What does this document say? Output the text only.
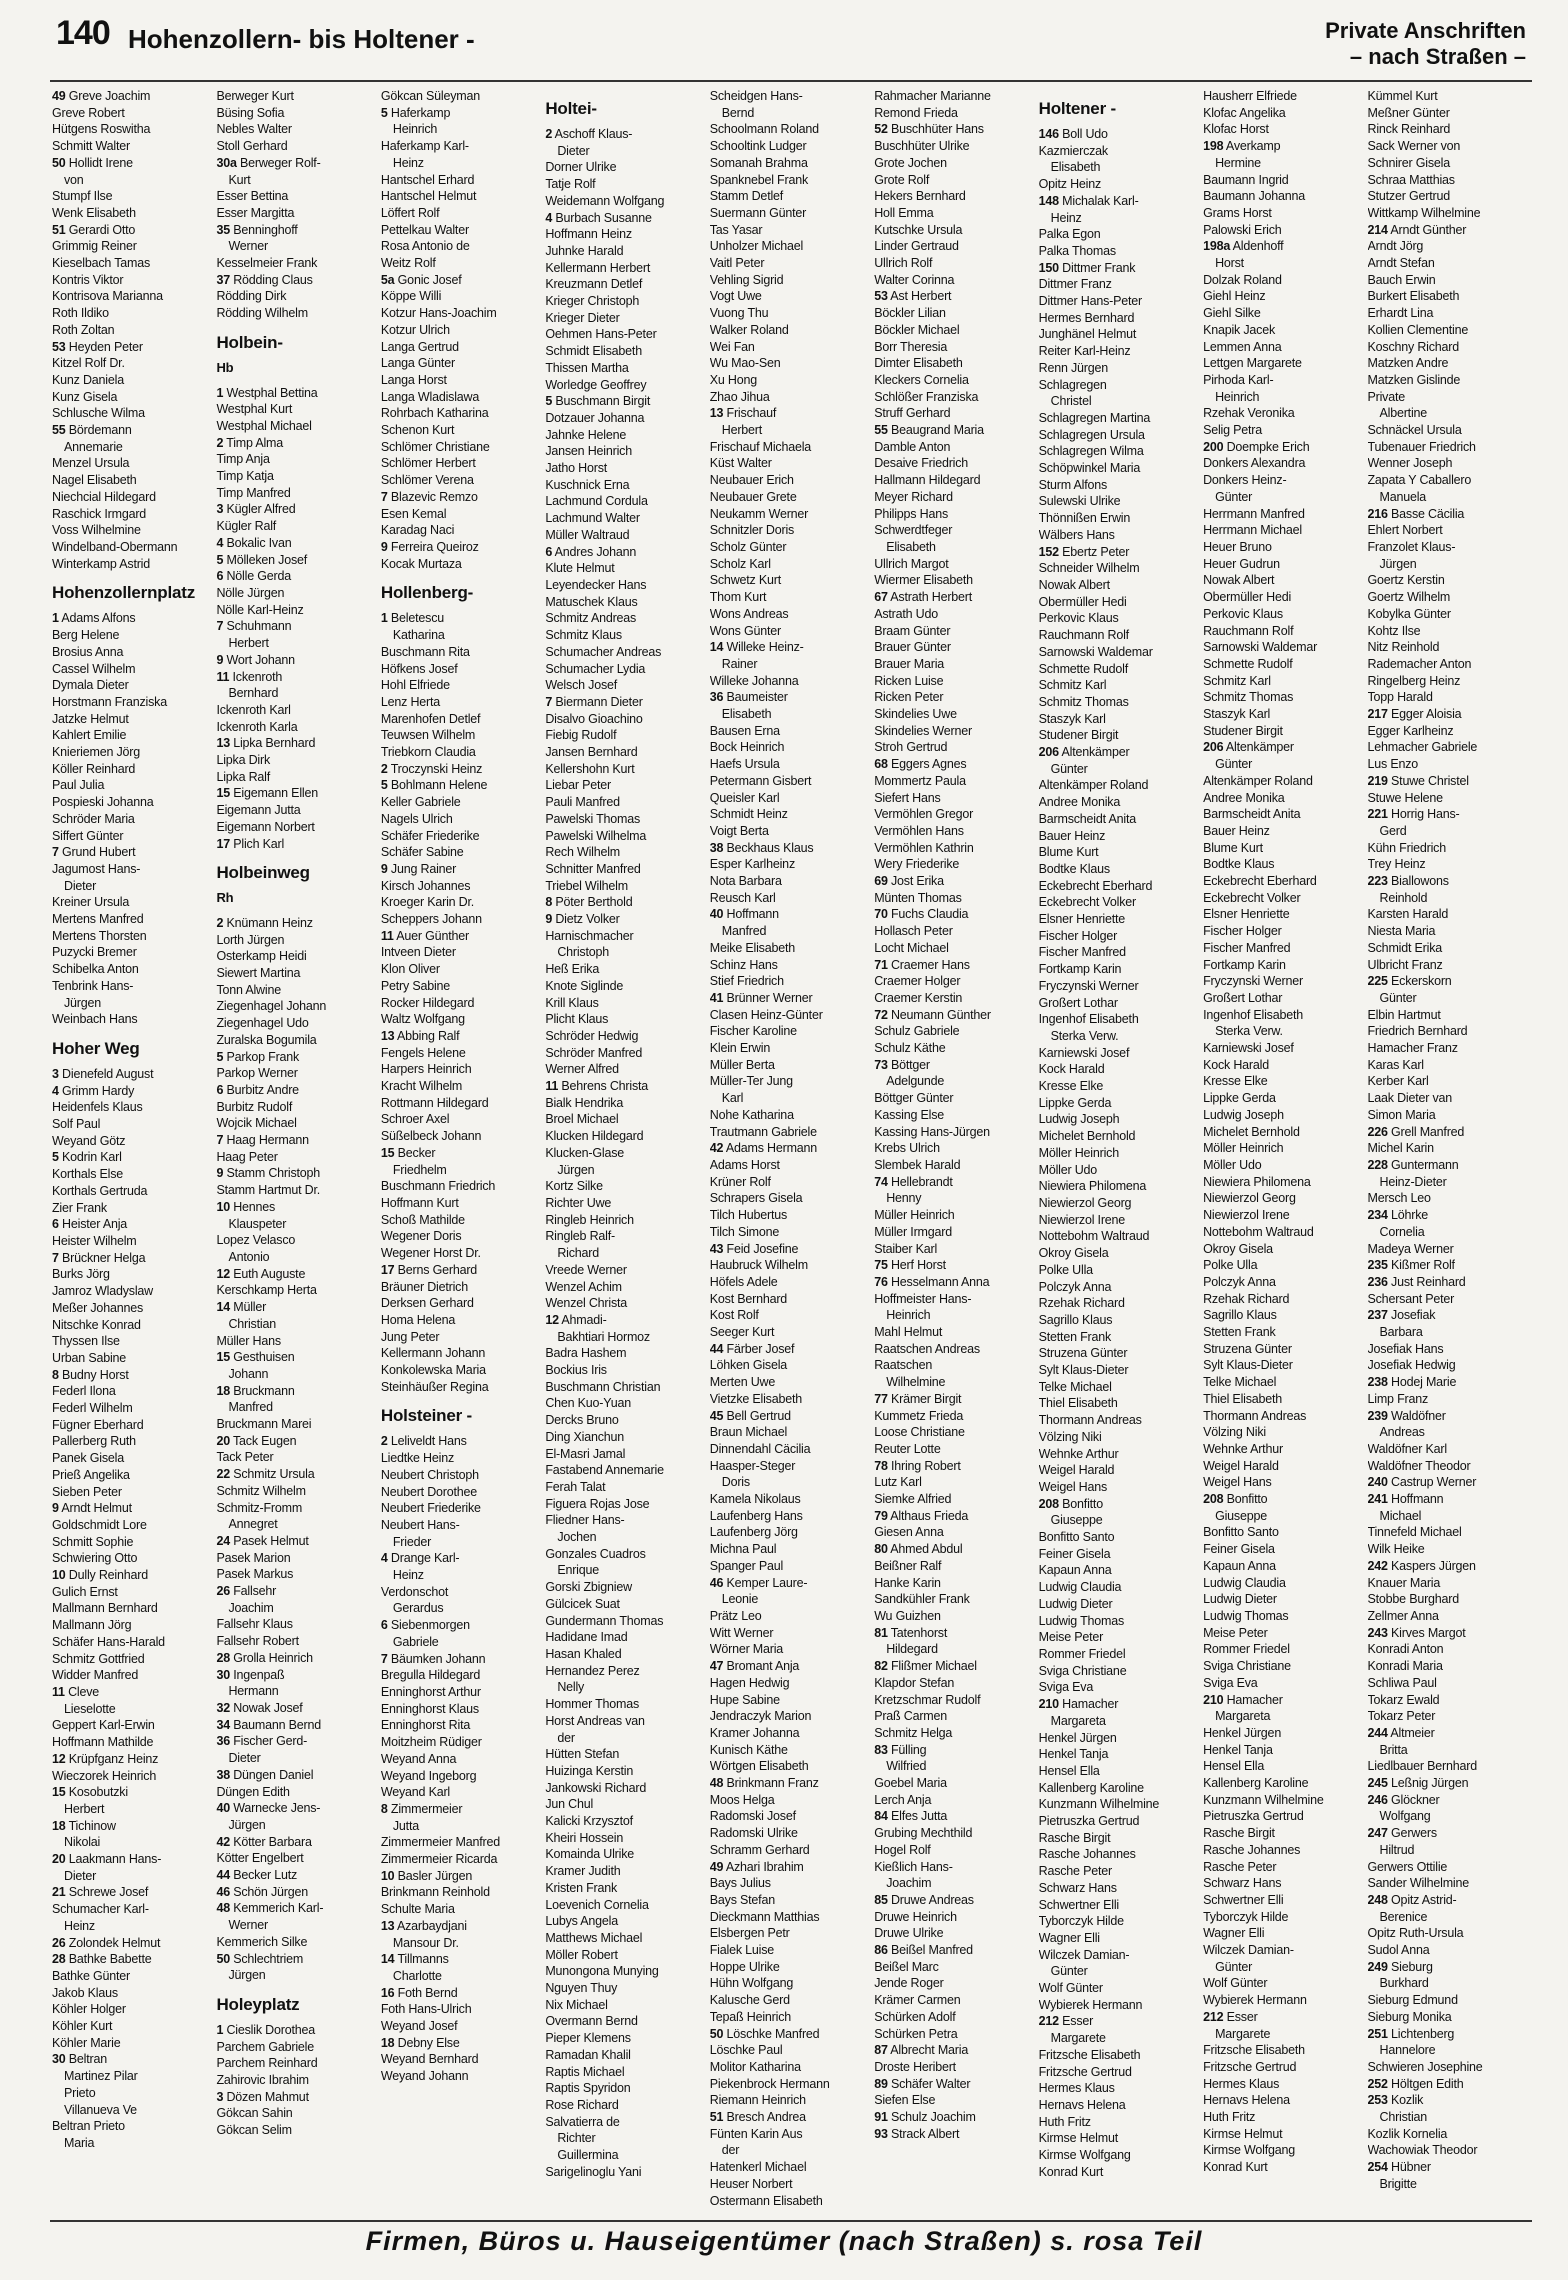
140 Hohenzollern- bis Holtener -	Private Anschriften
– nach Straßen –
49 Greve Joachim
Greve Robert
Hütgens Roswitha
Schmitt Walter
50 Hollidt Irene
von
Stumpf Ilse
Wenk Elisabeth
51 Gerardi Otto
Grimmig Reiner
Kieselbach Tamas
Kontris Viktor
Kontrisova Marianna
Roth Ildiko
Roth Zoltan
53 Heyden Peter
Kitzel Rolf Dr.
Kunz Daniela
Kunz Gisela
Schlusche Wilma
55 Bördemann
Annemarie
Menzel Ursula
Nagel Elisabeth
Niechcial Hildegard
Raschick Irmgard
Voss Wilhelmine
Windelband-Obermann
Winterkamp Astrid
Hohenzollernplatz
1 Adams Alfons
Berg Helene
Brosius Anna
Cassel Wilhelm
Dymala Dieter
Horstmann Franziska
Jatzke Helmut
Kahlert Emilie
Knieriemen Jörg
Köller Reinhard
Paul Julia
Pospieski Johanna
Schröder Maria
Siffert Günter
7 Grund Hubert
Jagumost Hans-
Dieter
Kreiner Ursula
Mertens Manfred
Mertens Thorsten
Puzycki Bremer
Schibelka Anton
Tenbrink Hans-
Jürgen
Weinbach Hans
Hoher Weg
3 Dienefeld August
4 Grimm Hardy
Heidenfels Klaus
Solf Paul
Weyand Götz
5 Kodrin Karl
Korthals Else
Korthals Gertruda
Zier Frank
6 Heister Anja
Heister Wilhelm
7 Brückner Helga
Burks Jörg
Jamroz Wladyslaw
Meßer Johannes
Nitschke Konrad
Thyssen Ilse
Urban Sabine
8 Budny Horst
Federl Ilona
Federl Wilhelm
Fügner Eberhard
Pallerberg Ruth
Panek Gisela
Prieß Angelika
Sieben Peter
9 Arndt Helmut
Goldschmidt Lore
Schmitt Sophie
Schwiering Otto
10 Dully Reinhard
Gulich Ernst
Mallmann Bernhard
Mallmann Jörg
Schäfer Hans-Harald
Schmitz Gottfried
Widder Manfred
11 Cleve
Lieselotte
Geppert Karl-Erwin
Hoffmann Mathilde
12 Krüpfganz Heinz
Wieczorek Heinrich
15 Kosobutzki
Herbert
18 Tichinow
Nikolai
20 Laakmann Hans-
Dieter
21 Schrewe Josef
Schumacher Karl-
Heinz
26 Zolondek Helmut
28 Bathke Babette
Bathke Günter
Jakob Klaus
Köhler Holger
Köhler Kurt
Köhler Marie
30 Beltran
Martinez Pilar
Prieto
Villanueva Ve
Beltran Prieto
Maria
Berweger Kurt
Büsing Sofia
Nebles Walter
Stoll Gerhard
30a Berweger Rolf-
Kurt
Esser Bettina
Esser Margitta
35 Benninghoff
Werner
Kesselmeier Frank
37 Rödding Claus
Rödding Dirk
Rödding Wilhelm
Holbein-
Hb
1 Westphal Bettina
Westphal Kurt
Westphal Michael
2 Timp Alma
Timp Anja
Timp Katja
Timp Manfred
3 Kügler Alfred
Kügler Ralf
4 Bokalic Ivan
5 Mölleken Josef
6 Nölle Gerda
Nölle Jürgen
Nölle Karl-Heinz
7 Schuhmann
Herbert
9 Wort Johann
11 Ickenroth
Bernhard
Ickenroth Karl
Ickenroth Karla
13 Lipka Bernhard
Lipka Dirk
Lipka Ralf
15 Eigemann Ellen
Eigemann Jutta
Eigemann Norbert
17 Plich Karl
Holbeinweg
Rh
2 Knümann Heinz
Lorth Jürgen
Osterkamp Heidi
Siewert Martina
Tonn Alwine
Ziegenhagel Johann
Ziegenhagel Udo
Zuralska Bogumila
5 Parkop Frank
Parkop Werner
6 Burbitz Andre
Burbitz Rudolf
Wojcik Michael
7 Haag Hermann
Haag Peter
9 Stamm Christoph
Stamm Hartmut Dr.
10 Hennes
Klauspeter
Lopez Velasco
Antonio
12 Euth Auguste
Kerschkamp Herta
14 Müller
Christian
Müller Hans
15 Gesthuisen
Johann
18 Bruckmann
Manfred
Bruckmann Marei
20 Tack Eugen
Tack Peter
22 Schmitz Ursula
Schmitz Wilhelm
Schmitz-Fromm
Annegret
24 Pasek Helmut
Pasek Marion
Pasek Markus
26 Fallsehr
Joachim
Fallsehr Klaus
Fallsehr Robert
28 Grolla Heinrich
30 Ingenpaß
Hermann
32 Nowak Josef
34 Baumann Bernd
36 Fischer Gerd-
Dieter
38 Düngen Daniel
Düngen Edith
40 Warnecke Jens-
Jürgen
42 Kötter Barbara
Kötter Engelbert
44 Becker Lutz
46 Schön Jürgen
48 Kemmerich Karl-
Werner
Kemmerich Silke
50 Schlechtriem
Jürgen
Holeyplatz
1 Cieslik Dorothea
Parchem Gabriele
Parchem Reinhard
Zahirovic Ibrahim
3 Dözen Mahmut
Gökcan Sahin
Gökcan Selim
Gökcan Süleyman
5 Haferkamp
Heinrich
Haferkamp Karl-
Heinz
Hantschel Erhard
Hantschel Helmut
Löffert Rolf
Pettelkau Walter
Rosa Antonio de
Weitz Rolf
5a Gonic Josef
Köppe Willi
Kotzur Hans-Joachim
Kotzur Ulrich
Langa Gertrud
Langa Günter
Langa Horst
Langa Wladislawa
Rohrbach Katharina
Schenon Kurt
Schlömer Christiane
Schlömer Herbert
Schlömer Verena
7 Blazevic Remzo
Esen Kemal
Karadag Naci
9 Ferreira Queiroz
Kocak Murtaza
Hollenberg-
1 Beletescu
Katharina
Buschmann Rita
Höfkens Josef
Hohl Elfriede
Lenz Herta
Marenhofen Detlef
Teuwsen Wilhelm
Triebkorn Claudia
2 Troczynski Heinz
5 Bohlmann Helene
Keller Gabriele
Nagels Ulrich
Schäfer Friederike
Schäfer Sabine
9 Jung Rainer
Kirsch Johannes
Kroeger Karin Dr.
Scheppers Johann
11 Auer Günther
Intveen Dieter
Klon Oliver
Petry Sabine
Rocker Hildegard
Waltz Wolfgang
13 Abbing Ralf
Fengels Helene
Harpers Heinrich
Kracht Wilhelm
Rottmann Hildegard
Schroer Axel
Süßelbeck Johann
15 Becker
Friedhelm
Buschmann Friedrich
Hoffmann Kurt
Schoß Mathilde
Wegener Doris
Wegener Horst Dr.
17 Berns Gerhard
Bräuner Dietrich
Derksen Gerhard
Homa Helena
Jung Peter
Kellermann Johann
Konkolewska Maria
Steinhäußer Regina
Holsteiner -
2 Leliveldt Hans
Liedtke Heinz
Neubert Christoph
Neubert Dorothee
Neubert Friederike
Neubert Hans-
Frieder
4 Drange Karl-
Heinz
Verdonschot
Gerardus
6 Siebenmorgen
Gabriele
7 Bäumken Johann
Bregulla Hildegard
Enninghorst Arthur
Enninghorst Klaus
Enninghorst Rita
Moitzheim Rüdiger
Weyand Anna
Weyand Ingeborg
Weyand Karl
8 Zimmermeier
Jutta
Zimmermeier Manfred
Zimmermeier Ricarda
10 Basler Jürgen
Brinkmann Reinhold
Schulte Maria
13 Azarbaydjani
Mansour Dr.
14 Tillmanns
Charlotte
16 Foth Bernd
Foth Hans-Ulrich
Weyand Josef
18 Debny Else
Weyand Bernhard
Weyand Johann
Holtei-
2 Aschoff Klaus-
Dieter
Dorner Ulrike
Tatje Rolf
Weidemann Wolfgang
4 Burbach Susanne
Hoffmann Heinz
Juhnke Harald
Kellermann Herbert
Kreuzmann Detlef
Krieger Christoph
Krieger Dieter
Oehmen Hans-Peter
Schmidt Elisabeth
Thissen Martha
Worledge Geoffrey
5 Buschmann Birgit
Dotzauer Johanna
Jahnke Helene
Jansen Heinrich
Jatho Horst
Kuschnick Erna
Lachmund Cordula
Lachmund Walter
Müller Waltraud
6 Andres Johann
Klute Helmut
Leyendecker Hans
Matuschek Klaus
Schmitz Andreas
Schmitz Klaus
Schumacher Andreas
Schumacher Lydia
Welsch Josef
7 Biermann Dieter
Disalvo Gioachino
Fiebig Rudolf
Jansen Bernhard
Kellershohn Kurt
Liebar Peter
Pauli Manfred
Pawelski Thomas
Pawelski Wilhelma
Rech Wilhelm
Schnitter Manfred
Triebel Wilhelm
8 Pöter Berthold
9 Dietz Volker
Harnischmacher
Christoph
Heß Erika
Knote Siglinde
Krill Klaus
Plicht Klaus
Schröder Hedwig
Schröder Manfred
Werner Alfred
11 Behrens Christa
Bialk Hendrika
Broel Michael
Klucken Hildegard
Klucken-Glase
Jürgen
Kortz Silke
Richter Uwe
Ringleb Heinrich
Ringleb Ralf-
Richard
Vreede Werner
Wenzel Achim
Wenzel Christa
12 Ahmadi-
Bakhtiari Hormoz
Badra Hashem
Bockius Iris
Buschmann Christian
Chen Kuo-Yuan
Dercks Bruno
Ding Xianchun
El-Masri Jamal
Fastabend Annemarie
Ferah Talat
Figuera Rojas Jose
Fliedner Hans-
Jochen
Gonzales Cuadros
Enrique
Gorski Zbigniew
Gülcicek Suat
Gundermann Thomas
Hadidane Imad
Hasan Khaled
Hernandez Perez
Nelly
Hommer Thomas
Horst Andreas van
der
Hütten Stefan
Huizinga Kerstin
Jankowski Richard
Jun Chul
Kalicki Krzysztof
Kheiri Hossein
Komainda Ulrike
Kramer Judith
Kristen Frank
Loevenich Cornelia
Lubys Angela
Matthews Michael
Möller Robert
Munongona Munying
Nguyen Thuy
Nix Michael
Overmann Bernd
Pieper Klemens
Ramadan Khalil
Raptis Michael
Raptis Spyridon
Rose Richard
Salvatierra de
Richter
Guillermina
Sarigelinoglu Yani
Scheidgen Hans-
Bernd
Schoolmann Roland
Schooltink Ludger
Somanah Brahma
Spanknebel Frank
Stamm Detlef
Suermann Günter
Tas Yasar
Unholzer Michael
Vaitl Peter
Vehling Sigrid
Vogt Uwe
Vuong Thu
Walker Roland
Wei Fan
Wu Mao-Sen
Xu Hong
Zhao Jihua
13 Frischauf
Herbert
Frischauf Michaela
Küst Walter
Neubauer Erich
Neubauer Grete
Neukamm Werner
Schnitzler Doris
Scholz Günter
Scholz Karl
Schwetz Kurt
Thom Kurt
Wons Andreas
Wons Günter
14 Willeke Heinz-
Rainer
Willeke Johanna
36 Baumeister
Elisabeth
Bausen Erna
Bock Heinrich
Haefs Ursula
Petermann Gisbert
Queisler Karl
Schmidt Heinz
Voigt Berta
38 Beckhaus Klaus
Esper Karlheinz
Nota Barbara
Reusch Karl
40 Hoffmann
Manfred
Meike Elisabeth
Schinz Hans
Stief Friedrich
41 Brünner Werner
Clasen Heinz-Günter
Fischer Karoline
Klein Erwin
Müller Berta
Müller-Ter Jung
Karl
Nohe Katharina
Trautmann Gabriele
42 Adams Hermann
Adams Horst
Krüner Rolf
Schrapers Gisela
Tilch Hubertus
Tilch Simone
43 Feid Josefine
Haubruck Wilhelm
Höfels Adele
Kost Bernhard
Kost Rolf
Seeger Kurt
44 Färber Josef
Löhken Gisela
Merten Uwe
Vietzke Elisabeth
45 Bell Gertrud
Braun Michael
Dinnendahl Cäcilia
Haasper-Steger
Doris
Kamela Nikolaus
Laufenberg Hans
Laufenberg Jörg
Michna Paul
Spanger Paul
46 Kemper Laure-
Leonie
Prätz Leo
Witt Werner
Wörner Maria
47 Bromant Anja
Hagen Hedwig
Hupe Sabine
Jendraczyk Marion
Kramer Johanna
Kunisch Käthe
Wörtgen Elisabeth
48 Brinkmann Franz
Moos Helga
Radomski Josef
Radomski Ulrike
Schramm Gerhard
49 Azhari Ibrahim
Bays Julius
Bays Stefan
Dieckmann Matthias
Elsbergen Petr
Fialek Luise
Hoppe Ulrike
Hühn Wolfgang
Kalusche Gerd
Tepaß Heinrich
50 Löschke Manfred
Löschke Paul
Molitor Katharina
Piekenbrock Hermann
Riemann Heinrich
51 Bresch Andrea
Fünten Karin Aus
der
Hatenkerl Michael
Heuser Norbert
Ostermann Elisabeth
Rahmacher Marianne
Remond Frieda
52 Buschhüter Hans
Buschhüter Ulrike
Grote Jochen
Grote Rolf
Hekers Bernhard
Holl Emma
Kutschke Ursula
Linder Gertraud
Ullrich Rolf
Walter Corinna
53 Ast Herbert
Böckler Lilian
Böckler Michael
Borr Theresia
Dimter Elisabeth
Kleckers Cornelia
Schlößer Franziska
Struff Gerhard
55 Beaugrand Maria
Damble Anton
Desaive Friedrich
Hallmann Hildegard
Meyer Richard
Philipps Hans
Schwerdtfeger
Elisabeth
Ullrich Margot
Wiermer Elisabeth
67 Astrath Herbert
Astrath Udo
Braam Günter
Brauer Günter
Brauer Maria
Ricken Luise
Ricken Peter
Skindelies Uwe
Skindelies Werner
Stroh Gertrud
68 Eggers Agnes
Mommertz Paula
Siefert Hans
Vermöhlen Gregor
Vermöhlen Hans
Vermöhlen Kathrin
Wery Friederike
69 Jost Erika
Münten Thomas
70 Fuchs Claudia
Hollasch Peter
Locht Michael
71 Craemer Hans
Craemer Holger
Craemer Kerstin
72 Neumann Günther
Schulz Gabriele
Schulz Käthe
73 Böttger
Adelgunde
Böttger Günter
Kassing Else
Kassing Hans-Jürgen
Krebs Ulrich
Slembek Harald
74 Hellebrandt
Henny
Müller Heinrich
Müller Irmgard
Staiber Karl
75 Herf Horst
76 Hesselmann Anna
Hoffmeister Hans-
Heinrich
Mahl Helmut
Raatschen Andreas
Raatschen
Wilhelmine
77 Krämer Birgit
Kummetz Frieda
Loose Christiane
Reuter Lotte
78 Ihring Robert
Lutz Karl
Siemke Alfried
79 Althaus Frieda
Giesen Anna
80 Ahmed Abdul
Beißner Ralf
Hanke Karin
Sandkühler Frank
Wu Guizhen
81 Tatenhorst
Hildegard
82 Flißmer Michael
Klapdor Stefan
Kretzschmar Rudolf
Praß Carmen
Schmitz Helga
83 Fülling
Wilfried
Goebel Maria
Lerch Anja
84 Elfes Jutta
Grubing Mechthild
Hogel Rolf
Kießlich Hans-
Joachim
85 Druwe Andreas
Druwe Heinrich
Druwe Ulrike
86 Beißel Manfred
Beißel Marc
Jende Roger
Krämer Carmen
Schürken Adolf
Schürken Petra
87 Albrecht Maria
Droste Heribert
89 Schäfer Walter
Siefen Else
91 Schulz Joachim
93 Strack Albert
Holtener -
146 Boll Udo
Kazmierczak
Elisabeth
Opitz Heinz
148 Michalak Karl-
Heinz
Palka Egon
Palka Thomas
150 Dittmer Frank
Dittmer Franz
Dittmer Hans-Peter
Hermes Bernhard
Junghänel Helmut
Reiter Karl-Heinz
Renn Jürgen
Schlagregen
Christel
Schlagregen Martina
Schlagregen Ursula
Schlagregen Wilma
Schöpwinkel Maria
Sturm Alfons
Sulewski Ulrike
Thönnißen Erwin
Wälbers Hans
152 Ebertz Peter
Schneider Wilhelm
Nowak Albert
Obermüller Hedi
Perkovic Klaus
Rauchmann Rolf
Sarnowski Waldemar
Schmette Rudolf
Schmitz Karl
Schmitz Thomas
Staszyk Karl
Studener Birgit
206 Altenkämper
Günter
Altenkämper Roland
Andree Monika
Barmscheidt Anita
Bauer Heinz
Blume Kurt
Bodtke Klaus
Eckebrecht Eberhard
Eckebrecht Volker
Elsner Henriette
Fischer Holger
Fischer Manfred
Fortkamp Karin
Fryczynski Werner
Großert Lothar
Ingenhof Elisabeth
Sterka Verw.
Karniewski Josef
Kock Harald
Kresse Elke
Lippke Gerda
Ludwig Joseph
Michelet Bernhold
Möller Heinrich
Möller Udo
Niewiera Philomena
Niewierzol Georg
Niewierzol Irene
Nottebohm Waltraud
Okroy Gisela
Polke Ulla
Polczyk Anna
Rzehak Richard
Sagrillo Klaus
Stetten Frank
Struzena Günter
Sylt Klaus-Dieter
Telke Michael
Thiel Elisabeth
Thormann Andreas
Völzing Niki
Wehnke Arthur
Weigel Harald
Weigel Hans
208 Bonfitto
Giuseppe
Bonfitto Santo
Feiner Gisela
Kapaun Anna
Ludwig Claudia
Ludwig Dieter
Ludwig Thomas
Meise Peter
Rommer Friedel
Sviga Christiane
Sviga Eva
210 Hamacher
Margareta
Henkel Jürgen
Henkel Tanja
Hensel Ella
Kallenberg Karoline
Kunzmann Wilhelmine
Pietruszka Gertrud
Rasche Birgit
Rasche Johannes
Rasche Peter
Schwarz Hans
Schwertner Elli
Tyborczyk Hilde
Wagner Elli
Wilczek Damian-
Günter
Wolf Günter
Wybierek Hermann
212 Esser
Margarete
Fritzsche Elisabeth
Fritzsche Gertrud
Hermes Klaus
Hernavs Helena
Huth Fritz
Kirmse Helmut
Kirmse Wolfgang
Konrad Kurt
Hausherr Elfriede
Klofac Angelika
Klofac Horst
198 Averkamp
Hermine
Baumann Ingrid
Baumann Johanna
Grams Horst
Palowski Erich
198a Aldenhoff
Horst
Dolzak Roland
Giehl Heinz
Giehl Silke
Knapik Jacek
Lemmen Anna
Lettgen Margarete
Pirhoda Karl-
Heinrich
Rzehak Veronika
Selig Petra
200 Doempke Erich
Donkers Alexandra
Donkers Heinz-
Günter
Herrmann Manfred
Herrmann Michael
Heuer Bruno
Heuer Gudrun
Nowak Albert
Obermüller Hedi
Perkovic Klaus
Rauchmann Rolf
Sarnowski Waldemar
Schmette Rudolf
Schmitz Karl
Schmitz Thomas
Staszyk Karl
Studener Birgit
206 Altenkämper
Günter
Altenkämper Roland
Andree Monika
Barmscheidt Anita
Bauer Heinz
Blume Kurt
Bodtke Klaus
Eckebrecht Eberhard
Eckebrecht Volker
Elsner Henriette
Fischer Holger
Fischer Manfred
Fortkamp Karin
Fryczynski Werner
Großert Lothar
Ingenhof Elisabeth
Sterka Verw.
Karniewski Josef
Kock Harald
Kresse Elke
Lippke Gerda
Ludwig Joseph
Michelet Bernhold
Möller Heinrich
Möller Udo
Niewiera Philomena
Niewierzol Georg
Niewierzol Irene
Nottebohm Waltraud
Okroy Gisela
Polke Ulla
Polczyk Anna
Rzehak Richard
Sagrillo Klaus
Stetten Frank
Struzena Günter
Sylt Klaus-Dieter
Telke Michael
Thiel Elisabeth
Thormann Andreas
Völzing Niki
Wehnke Arthur
Weigel Harald
Weigel Hans
208 Bonfitto
Giuseppe
Bonfitto Santo
Feiner Gisela
Kapaun Anna
Ludwig Claudia
Ludwig Dieter
Ludwig Thomas
Meise Peter
Rommer Friedel
Sviga Christiane
Sviga Eva
210 Hamacher
Margareta
Henkel Jürgen
Henkel Tanja
Hensel Ella
Kallenberg Karoline
Kunzmann Wilhelmine
Pietruszka Gertrud
Rasche Birgit
Rasche Johannes
Rasche Peter
Schwarz Hans
Schwertner Elli
Tyborczyk Hilde
Wagner Elli
Wilczek Damian-
Günter
Wolf Günter
Wybierek Hermann
212 Esser
Margarete
Fritzsche Elisabeth
Fritzsche Gertrud
Hermes Klaus
Hernavs Helena
Huth Fritz
Kirmse Helmut
Kirmse Wolfgang
Konrad Kurt
Kümmel Kurt
Meßner Günter
Rinck Reinhard
Sack Werner von
Schnirer Gisela
Schraa Matthias
Stutzer Gertrud
Wittkamp Wilhelmine
214 Arndt Günther
Arndt Jörg
Arndt Stefan
Bauch Erwin
Burkert Elisabeth
Erhardt Lina
Kollien Clementine
Koschny Richard
Matzken Andre
Matzken Gislinde
Private
Albertine
Schnäckel Ursula
Tubenauer Friedrich
Wenner Joseph
Zapata Y Caballero
Manuela
216 Basse Cäcilia
Ehlert Norbert
Franzolet Klaus-
Jürgen
Goertz Kerstin
Goertz Wilhelm
Kobylka Günter
Kohtz Ilse
Nitz Reinhold
Rademacher Anton
Ringelberg Heinz
Topp Harald
217 Egger Aloisia
Egger Karlheinz
Lehmacher Gabriele
Lus Enzo
219 Stuwe Christel
Stuwe Helene
221 Horrig Hans-
Gerd
Kühn Friedrich
Trey Heinz
223 Biallowons
Reinhold
Karsten Harald
Niesta Maria
Schmidt Erika
Ulbricht Franz
225 Eckerskorn
Günter
Elbin Hartmut
Friedrich Bernhard
Hamacher Franz
Karas Karl
Kerber Karl
Laak Dieter van
Simon Maria
226 Grell Manfred
Michel Karin
228 Guntermann
Heinz-Dieter
Mersch Leo
234 Löhrke
Cornelia
Madeya Werner
235 Kißmer Rolf
236 Just Reinhard
Schersant Peter
237 Josefiak
Barbara
Josefiak Hans
Josefiak Hedwig
238 Hodej Marie
Limp Franz
239 Waldöfner
Andreas
Waldöfner Karl
Waldöfner Theodor
240 Castrup Werner
241 Hoffmann
Michael
Tinnefeld Michael
Wilk Heike
242 Kaspers Jürgen
Knauer Maria
Stobbe Burghard
Zellmer Anna
243 Kirves Margot
Konradi Anton
Konradi Maria
Schliwa Paul
Tokarz Ewald
Tokarz Peter
244 Altmeier
Britta
Liedlbauer Bernhard
245 Leßnig Jürgen
246 Glöckner
Wolfgang
247 Gerwers
Hiltrud
Gerwers Ottilie
Sander Wilhelmine
248 Opitz Astrid-
Berenice
Opitz Ruth-Ursula
Sudol Anna
249 Sieburg
Burkhard
Sieburg Edmund
Sieburg Monika
251 Lichtenberg
Hannelore
Schwieren Josephine
252 Höltgen Edith
253 Kozlik
Christian
Kozlik Kornelia
Wachowiak Theodor
254 Hübner
Brigitte
Firmen, Büros u. Hauseigentümer (nach Straßen) s. rosa Teil
